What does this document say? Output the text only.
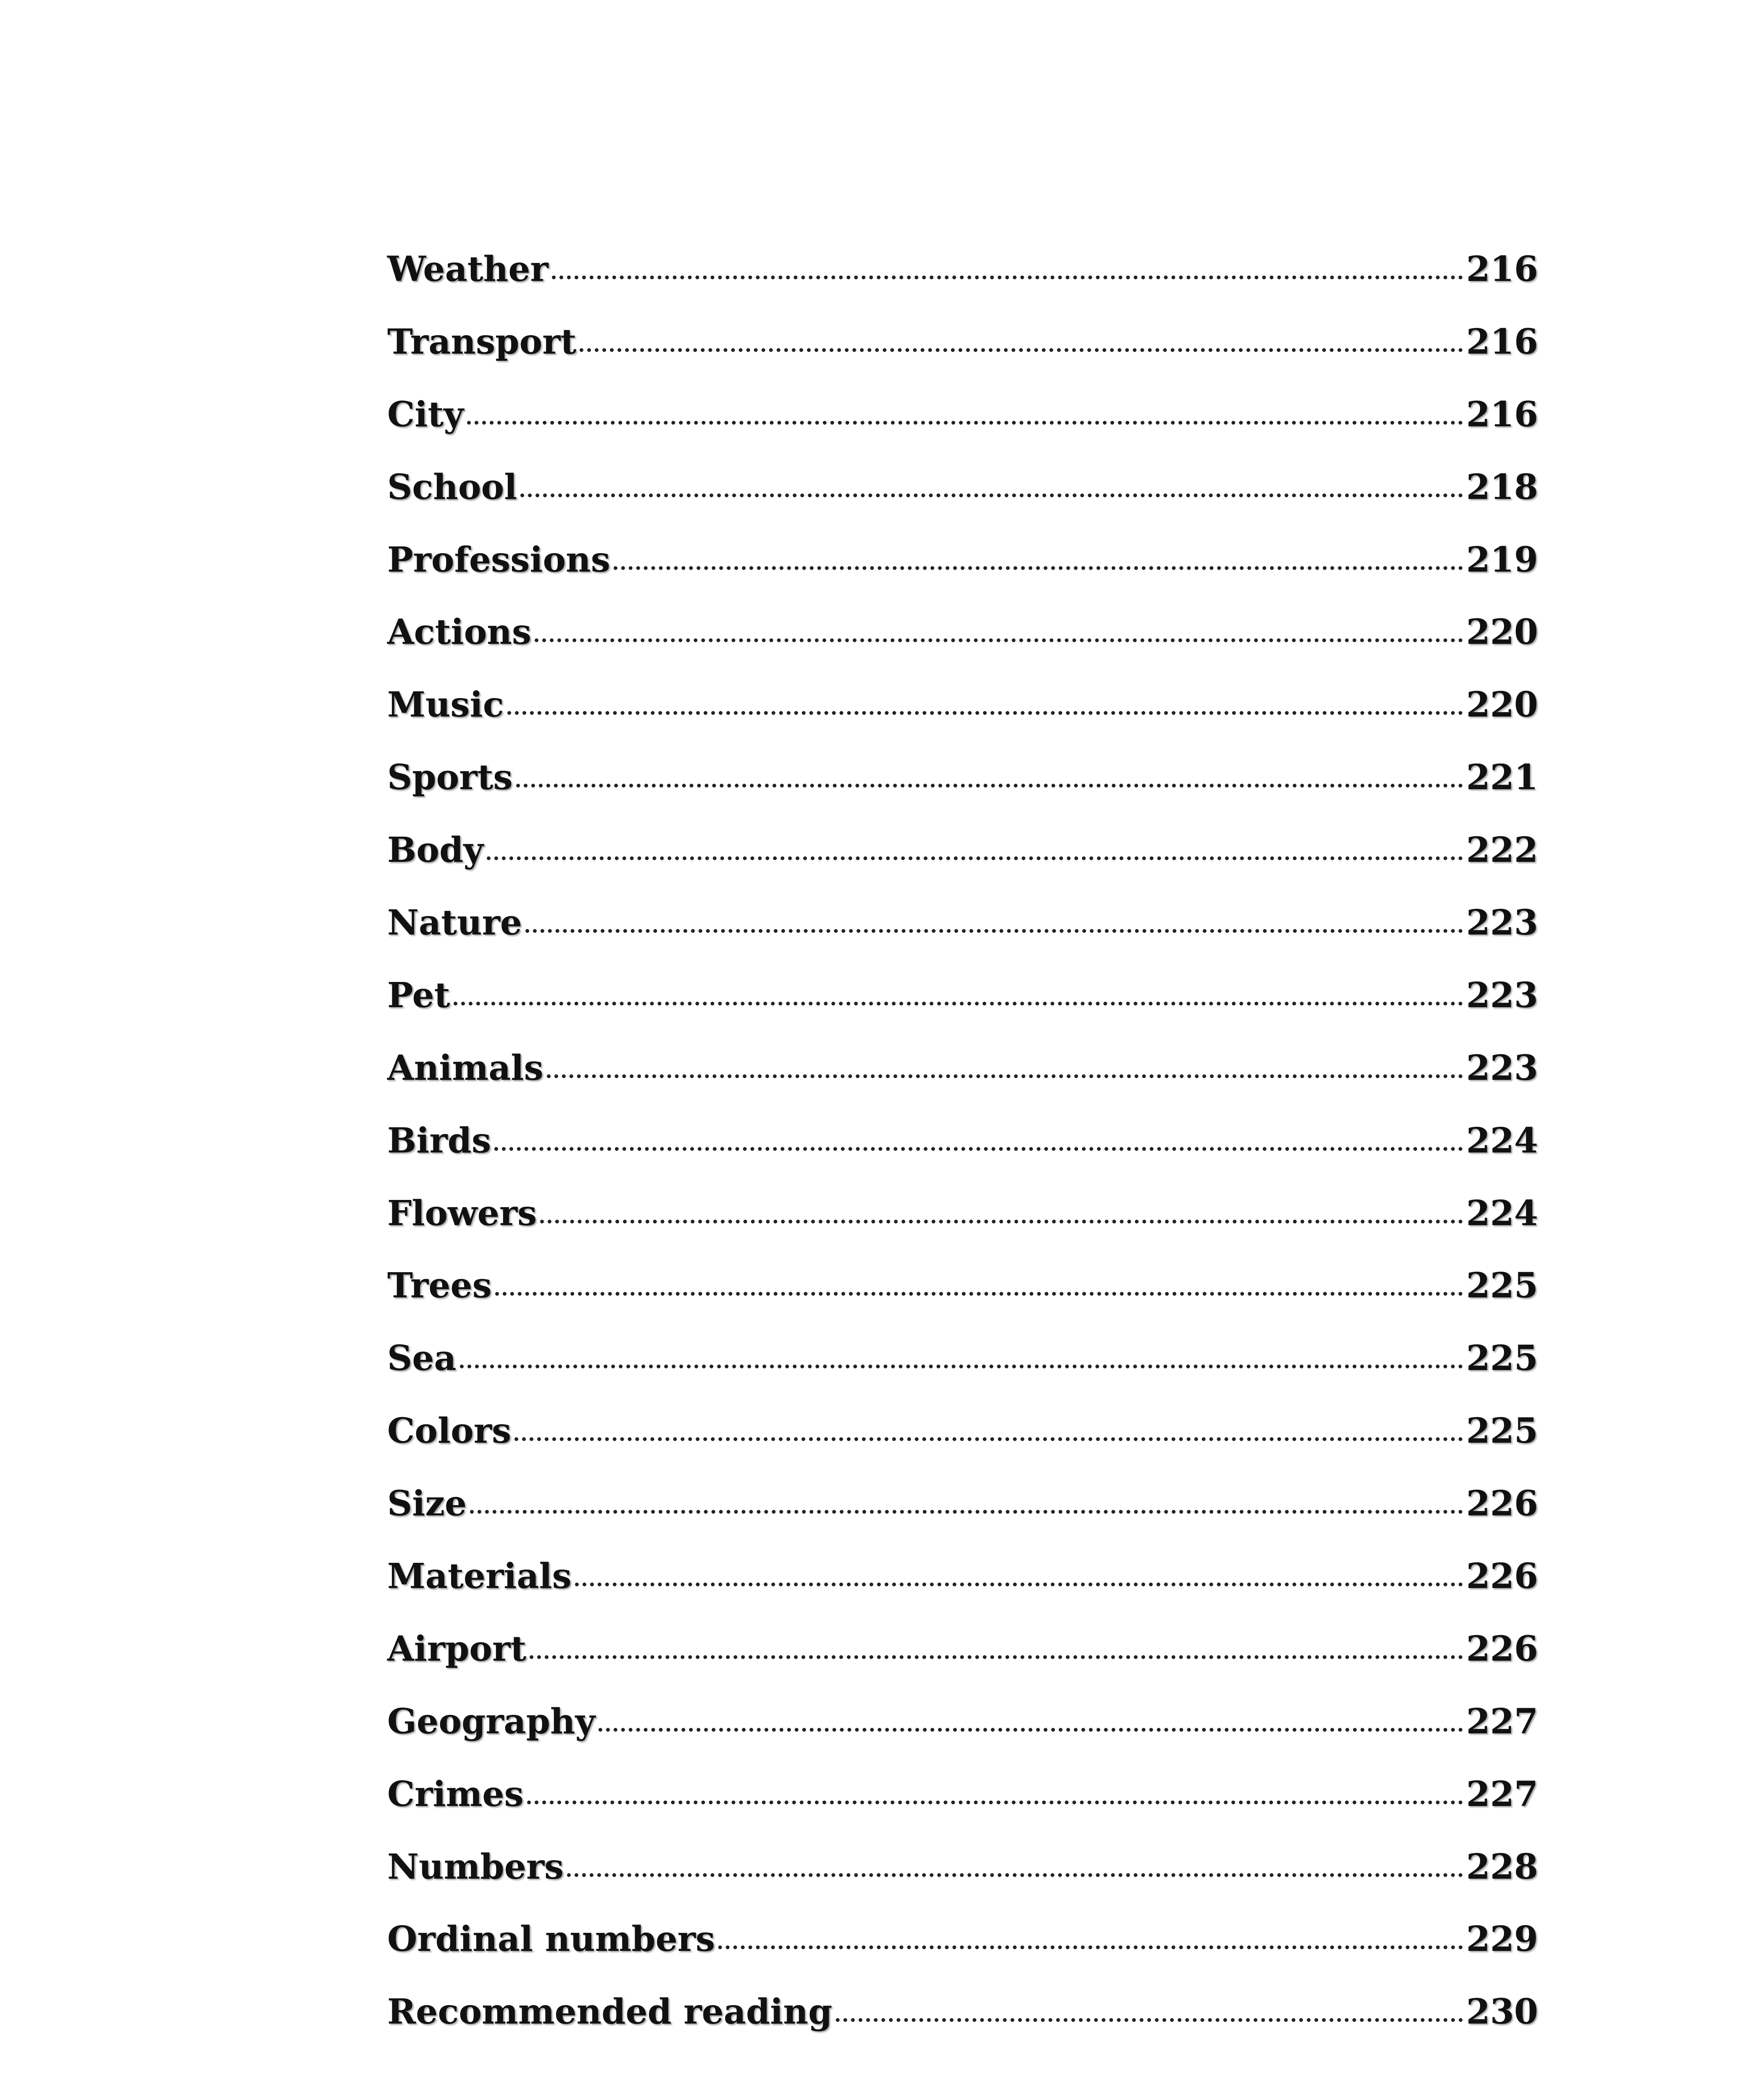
Weather	216
Transport	216
City	216
School	218
Professions	219
Actions	220
Music	220
Sports	221
Body	222
Nature	223
Pet	223
Animals	223
Birds	224
Flowers	224
Trees	225
Sea	225
Colors	225
Size	226
Materials	226
Airport	226
Geography	227
Crimes	227
Numbers	228
Ordinal numbers	229
Recommended reading	230
